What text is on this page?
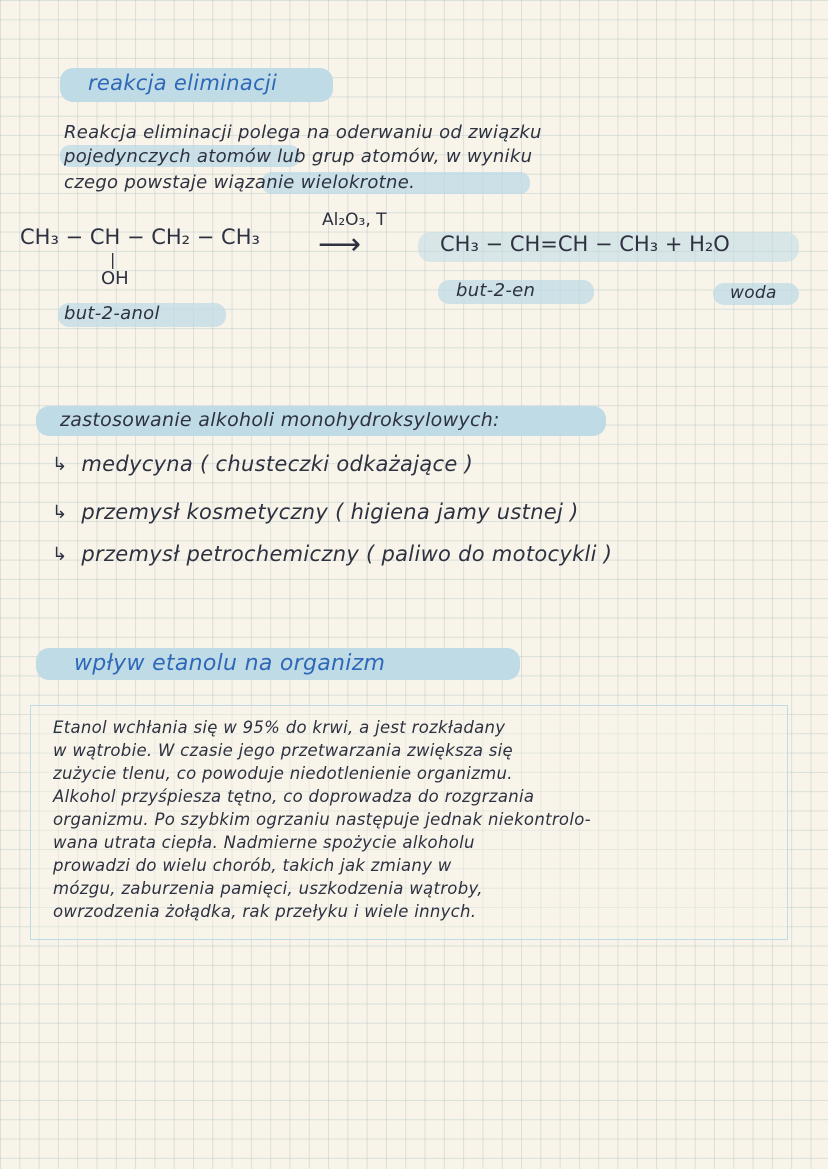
reakcja eliminacji
Reakcja eliminacji polega na oderwaniu od związku
pojedynczych atomów lub grup atomów, w wyniku
czego powstaje wiązanie wielokrotne.
CH₃ − CH − CH₂ − CH₃
|
OH
Al₂O₃, T
⟶	CH₃ − CH=CH − CH₃ + H₂O
but-2-anol
but-2-en	woda
zastosowanie alkoholi monohydroksylowych:
↳ medycyna ( chusteczki odkażające )
↳ przemysł kosmetyczny ( higiena jamy ustnej )
↳ przemysł petrochemiczny ( paliwo do motocykli )
wpływ etanolu na organizm
Etanol wchłania się w 95% do krwi, a jest rozkładany
w wątrobie. W czasie jego przetwarzania zwiększa się
zużycie tlenu, co powoduje niedotlenienie organizmu.
Alkohol przyśpiesza tętno, co doprowadza do rozgrzania
organizmu. Po szybkim ogrzaniu następuje jednak niekontrolo-
wana utrata ciepła. Nadmierne spożycie alkoholu
prowadzi do wielu chorób, takich jak zmiany w
mózgu, zaburzenia pamięci, uszkodzenia wątroby,
owrzodzenia żołądka, rak przełyku i wiele innych.
